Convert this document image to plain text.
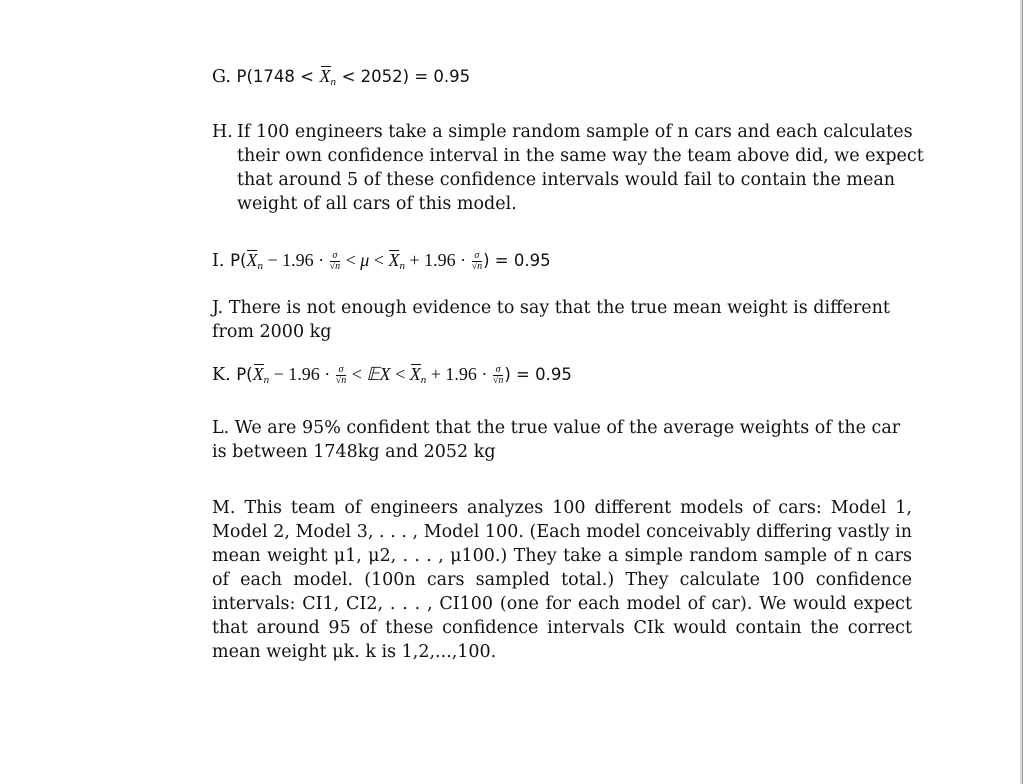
G. $P(1748 < X_n < 2052) = 0.95$
H. If 100 engineers take a simple random sample of n cars and each calculates their own confidence interval in the same way the team above did, we expect that around 5 of these confidence intervals would fail to contain the mean weight of all cars of this model.
I. $P(X_n - 1.96 \cdot \frac{\sigma}{√n} < \mu < X_n + 1.96 \cdot \frac{\sigma}{√n}$ ) = 0.95
J. There is not enough evidence to say that the true mean weight is different from 2000 kg
K. $P(X_n - 1.96 \cdot \frac{\sigma}{√n}$ < 𝔼X < $X_n + 1.96 \cdot \frac{\sigma}{√n}$ ) = 0.95
L. We are 95% confident that the true value of the average weights of the car is between 1748kg and 2052 kg
M. This team of engineers analyzes 100 different models of cars: Model 1, Model 2, Model 3, . . . , Model 100. (Each model conceivably differing vastly in mean weight μ1, μ2, . . . , μ100.) They take a simple random sample of n cars of each model. (100n cars sampled total.) They calculate 100 confidence intervals: CI1, CI2, . . . , CI100 (one for each model of car). We would expect that around 95 of these confidence intervals CIk would contain the correct mean weight μk. k is 1,2,...,100.
